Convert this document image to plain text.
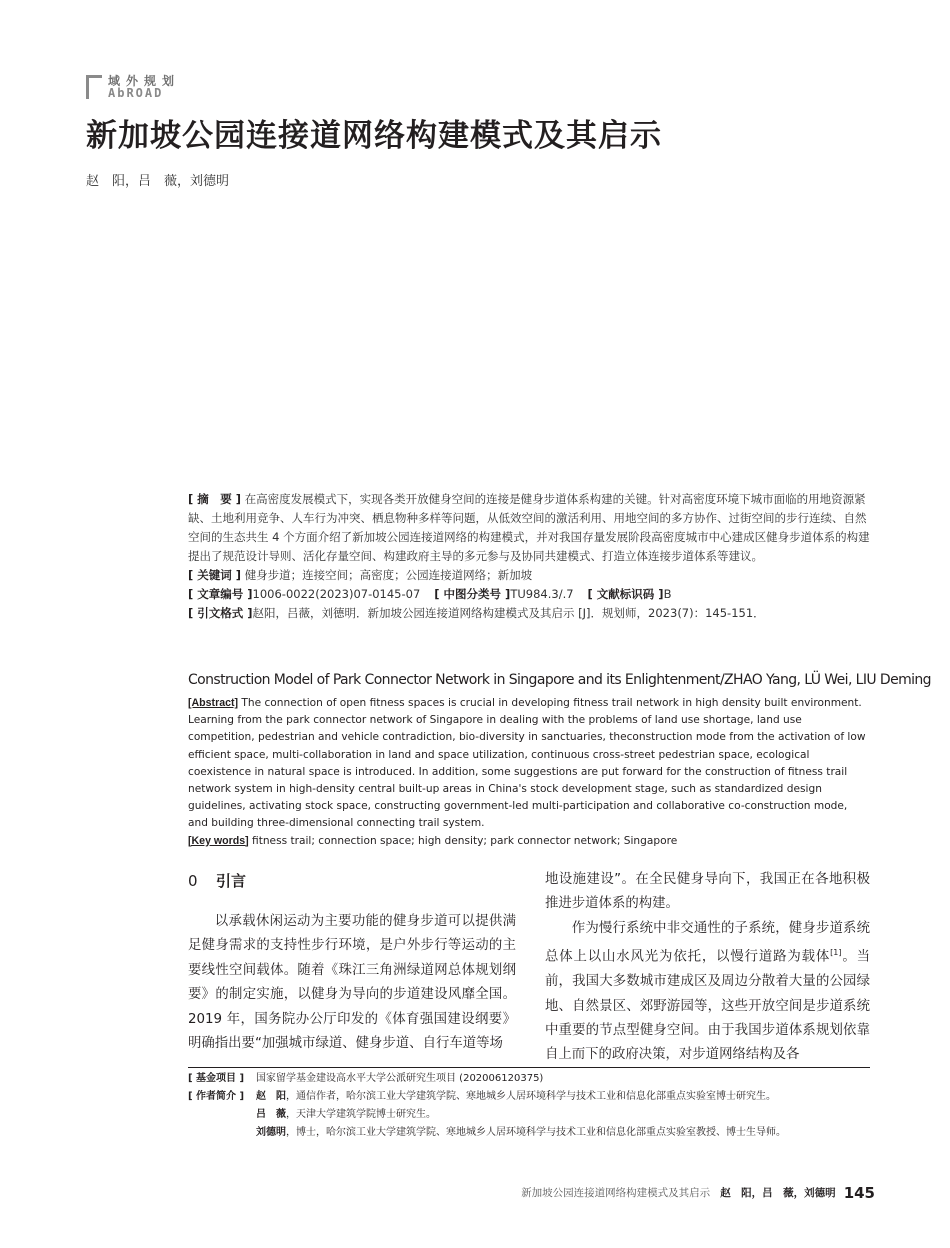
域外规划
AbROAD
新加坡公园连接道网络构建模式及其启示
赵　阳，吕　薇，刘德明

[ 摘　要 ] 在高密度发展模式下，实现各类开放健身空间的连接是健身步道体系构建的关键。针对高密度环境下城市面临的用地资源紧缺、土地利用竞争、人车行为冲突、栖息物种多样等问题，从低效空间的激活利用、用地空间的多方协作、过街空间的步行连续、自然空间的生态共生 4 个方面介绍了新加坡公园连接道网络的构建模式，并对我国存量发展阶段高密度城市中心建成区健身步道体系的构建提出了规范设计导则、活化存量空间、构建政府主导的多元参与及协同共建模式、打造立体连接步道体系等建议。

[ 关键词 ] 健身步道；连接空间；高密度；公园连接道网络；新加坡

[ 文章编号 ]1006-0022(2023)07-0145-07 [ 中图分类号 ]TU984.3/.7 [ 文献标识码 ]B

[ 引文格式 ]赵阳，吕薇，刘德明．新加坡公园连接道网络构建模式及其启示 [J]．规划师，2023(7)：145-151．

Construction Model of Park Connector Network in Singapore and its Enlightenment/ZHAO Yang, LÜ Wei, LIU Deming

[Abstract] The connection of open fitness spaces is crucial in developing fitness trail network in high density built environment. Learning from the park connector network of Singapore in dealing with the problems of land use shortage, land use competition, pedestrian and vehicle contradiction, bio-diversity in sanctuaries, theconstruction mode from the activation of low efficient space, multi-collaboration in land and space utilization, continuous cross-street pedestrian space, ecological coexistence in natural space is introduced. In addition, some suggestions are put forward for the construction of fitness trail network system in high-density central built-up areas in China's stock development stage, such as standardized design guidelines, activating stock space, constructing government-led multi-participation and collaborative co-construction mode, and building three-dimensional connecting trail system.

[Key words] fitness trail; connection space; high density; park connector network; Singapore

0 引言

以承载休闲运动为主要功能的健身步道可以提供满足健身需求的支持性步行环境，是户外步行等运动的主要线性空间载体。随着《珠江三角洲绿道网总体规划纲要》的制定实施，以健身为导向的步道建设风靡全国。2019 年，国务院办公厅印发的《体育强国建设纲要》明确指出要“加强城市绿道、健身步道、自行车道等场

地设施建设”。在全民健身导向下，我国正在各地积极推进步道体系的构建。

作为慢行系统中非交通性的子系统，健身步道系统总体上以山水风光为依托，以慢行道路为载体[1]。当前，我国大多数城市建成区及周边分散着大量的公园绿地、自然景区、郊野游园等，这些开放空间是步道系统中重要的节点型健身空间。由于我国步道体系规划依靠自上而下的政府决策，对步道网络结构及各

[ 基金项目 ] 国家留学基金建设高水平大学公派研究生项目 (202006120375)
[ 作者简介 ] 赵　阳，通信作者，哈尔滨工业大学建筑学院、寒地城乡人居环境科学与技术工业和信息化部重点实验室博士研究生。
吕　薇，天津大学建筑学院博士研究生。
刘德明，博士，哈尔滨工业大学建筑学院、寒地城乡人居环境科学与技术工业和信息化部重点实验室教授、博士生导师。
新加坡公园连接道网络构建模式及其启示 赵　阳，吕　薇，刘德明 145
